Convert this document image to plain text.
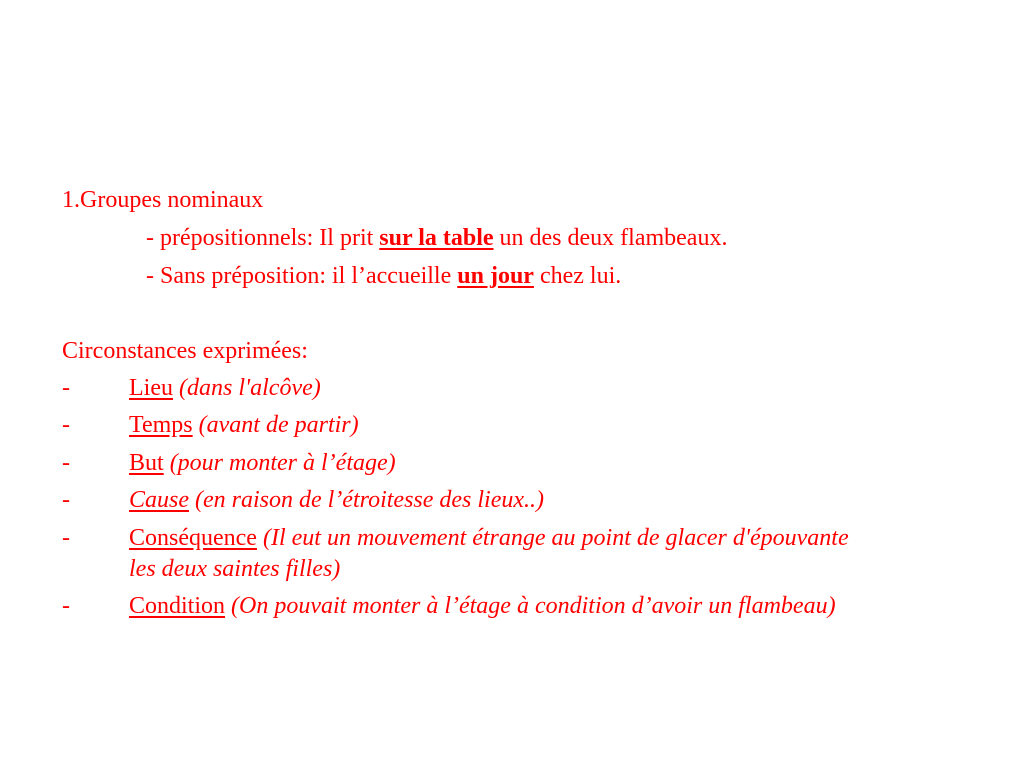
1.Groupes nominaux
- prépositionnels: Il prit sur la table un des deux flambeaux.
- Sans préposition: il l’accueille un jour chez lui.
Circonstances exprimées:
- Lieu (dans l'alcôve)
- Temps (avant de partir)
- But (pour monter à l’étage)
- Cause (en raison de l’étroitesse des lieux..)
- Conséquence (Il eut un mouvement étrange au point de glacer d'épouvante les deux saintes filles)
- Condition (On pouvait monter à l’étage à condition d’avoir un flambeau)
